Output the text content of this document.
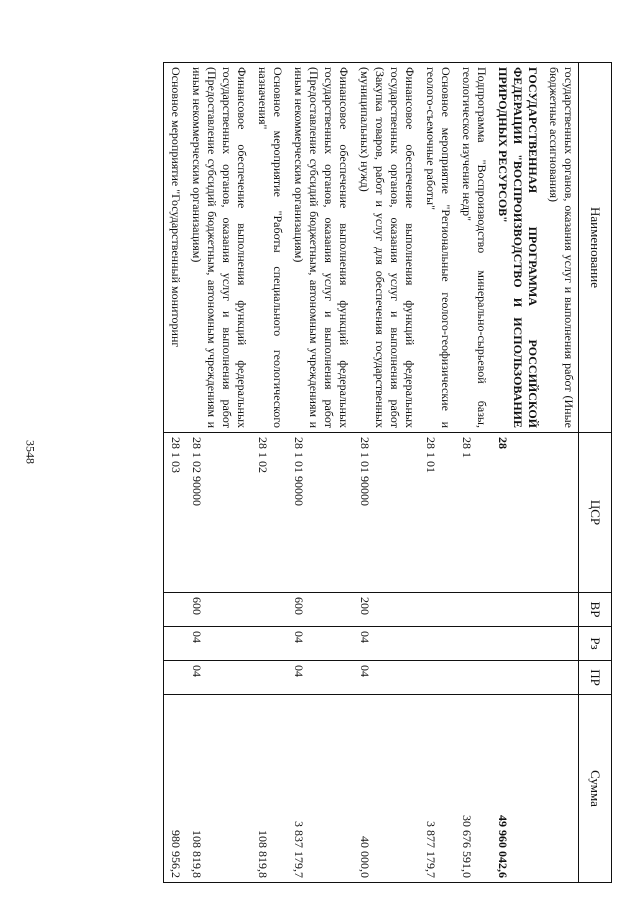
3548
Наименование	ЦСР	ВР	Рз	ПР	Сумма
государственных органов, оказания услуг и выполнения работ (Иные бюджетные ассигнования)					
ГОСУДАРСТВЕННАЯ ПРОГРАММА РОССИЙСКОЙ ФЕДЕРАЦИИ "ВОСПРОИЗВОДСТВО И ИСПОЛЬЗОВАНИЕ ПРИРОДНЫХ РЕСУРСОВ"	28				49 960 042,6
Подпрограмма "Воспроизводство минерально-сырьевой базы, геологическое изучение недр"	28 1				30 676 591,0
Основное мероприятие "Региональные геолого-геофизические и геолого-съемочные работы"	28 1 01				3 877 179,7
Финансовое обеспечение выполнения функций федеральных государственных органов, оказания услуг и выполнения работ (Закупка товаров, работ и услуг для обеспечения государственных (муниципальных) нужд)	28 1 01 90000	200	04	04	40 000,0
Финансовое обеспечение выполнения функций федеральных государственных органов, оказания услуг и выполнения работ (Предоставление субсидий бюджетным, автономным учреждениям и иным некоммерческим организациям)	28 1 01 90000	600	04	04	3 837 179,7
Основное мероприятие "Работы специального геологического назначения"	28 1 02				108 819,8
Финансовое обеспечение выполнения функций федеральных государственных органов, оказания услуг и выполнения работ (Предоставление субсидий бюджетным, автономным учреждениям и иным некоммерческим организациям)	28 1 02 90000	600	04	04	108 819,8
Основное мероприятие "Государственный мониторинг	28 1 03				980 956,2
